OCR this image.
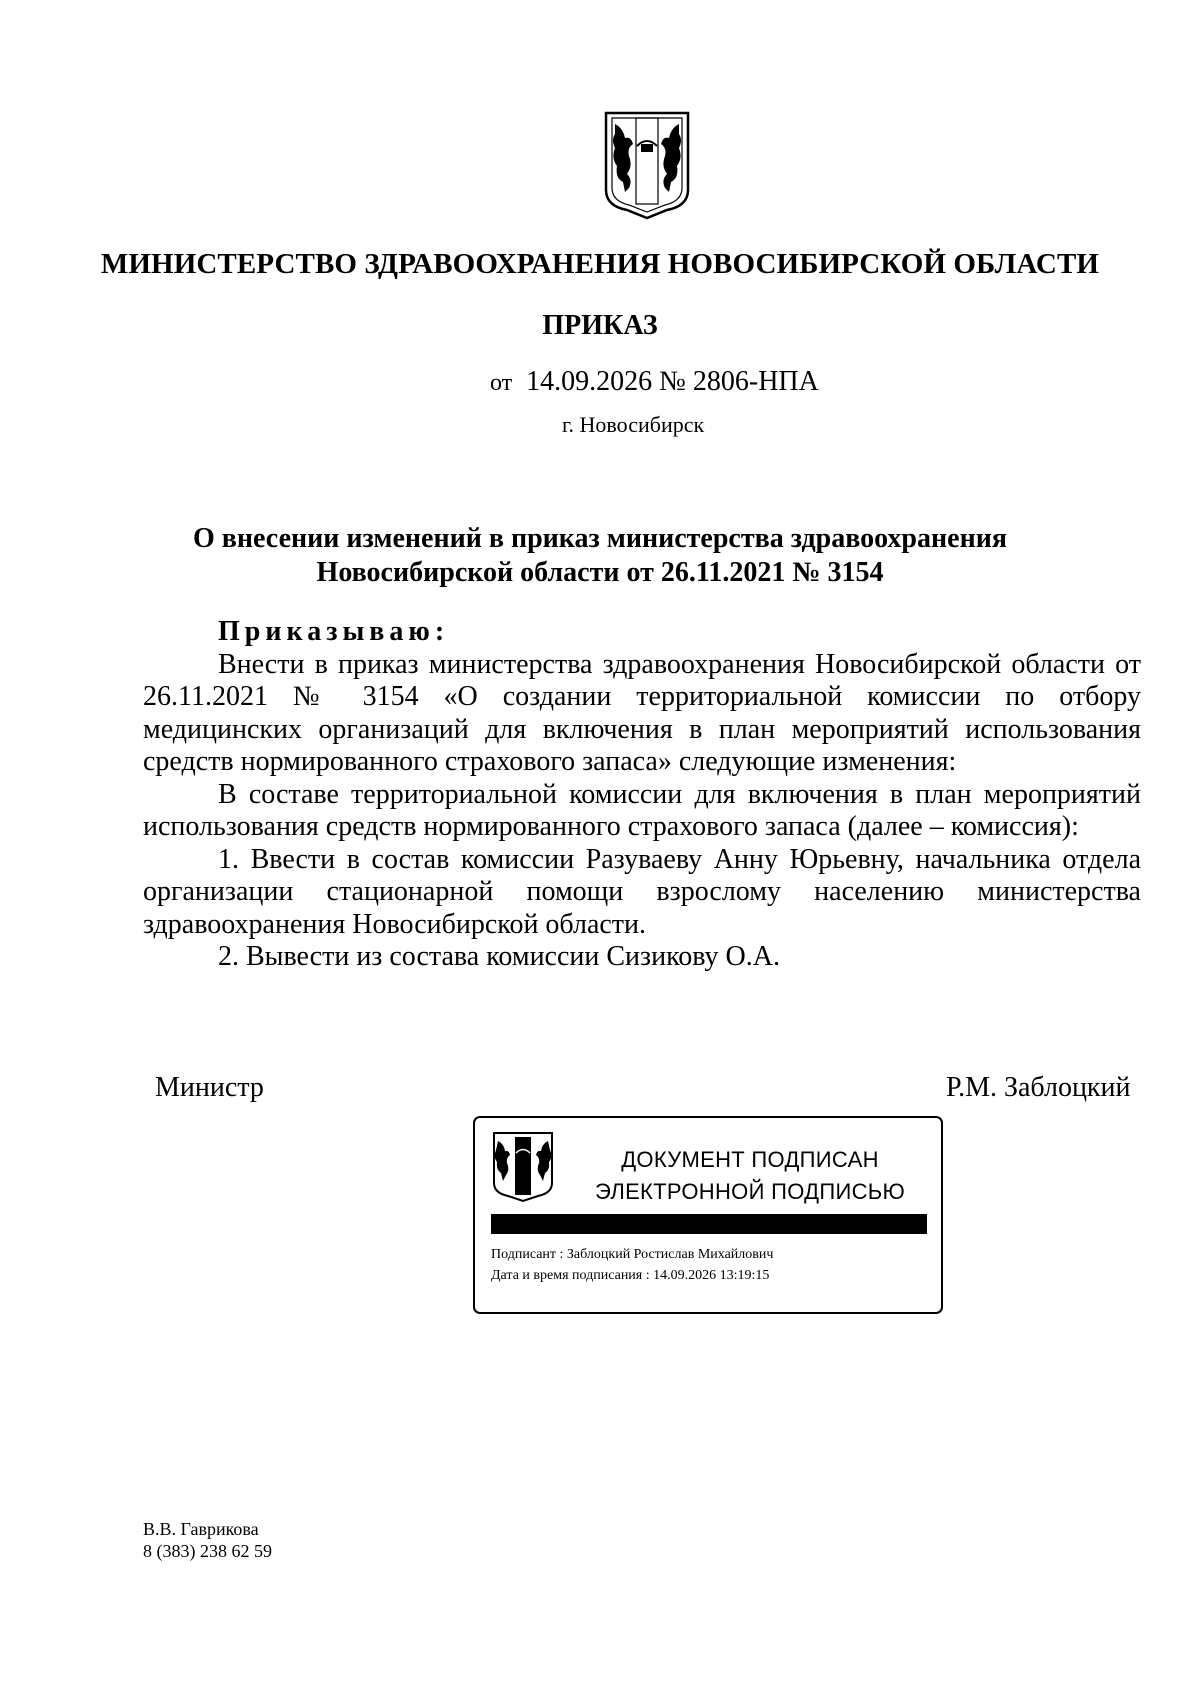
МИНИСТЕРСТВО ЗДРАВООХРАНЕНИЯ НОВОСИБИРСКОЙ ОБЛАСТИ
ПРИКАЗ
от 14.09.2026 № 2806-НПА
г. Новосибирск
О внесении изменений в приказ министерства здравоохранения
Новосибирской области от 26.11.2021 № 3154

Приказываю:

Внести в приказ министерства здравоохранения Новосибирской области от 26.11.2021 № 3154 «О создании территориальной комиссии по отбору медицинских организаций для включения в план мероприятий использования средств нормированного страхового запаса» следующие изменения:

В составе территориальной комиссии для включения в план мероприятий использования средств нормированного страхового запаса (далее – комиссия):

1. Ввести в состав комиссии Разуваеву Анну Юрьевну, начальника отдела организации стационарной помощи взрослому населению министерства здравоохранения Новосибирской области.

2. Вывести из состава комиссии Сизикову О.А.

Министр	Р.М. Заблоцкий
ДОКУМЕНТ ПОДПИСАН
ЭЛЕКТРОННОЙ ПОДПИСЬЮ
Подписант : Заблоцкий Ростислав Михайлович
Дата и время подписания : 14.09.2026 13:19:15
В.В. Гаврикова
8 (383) 238 62 59
